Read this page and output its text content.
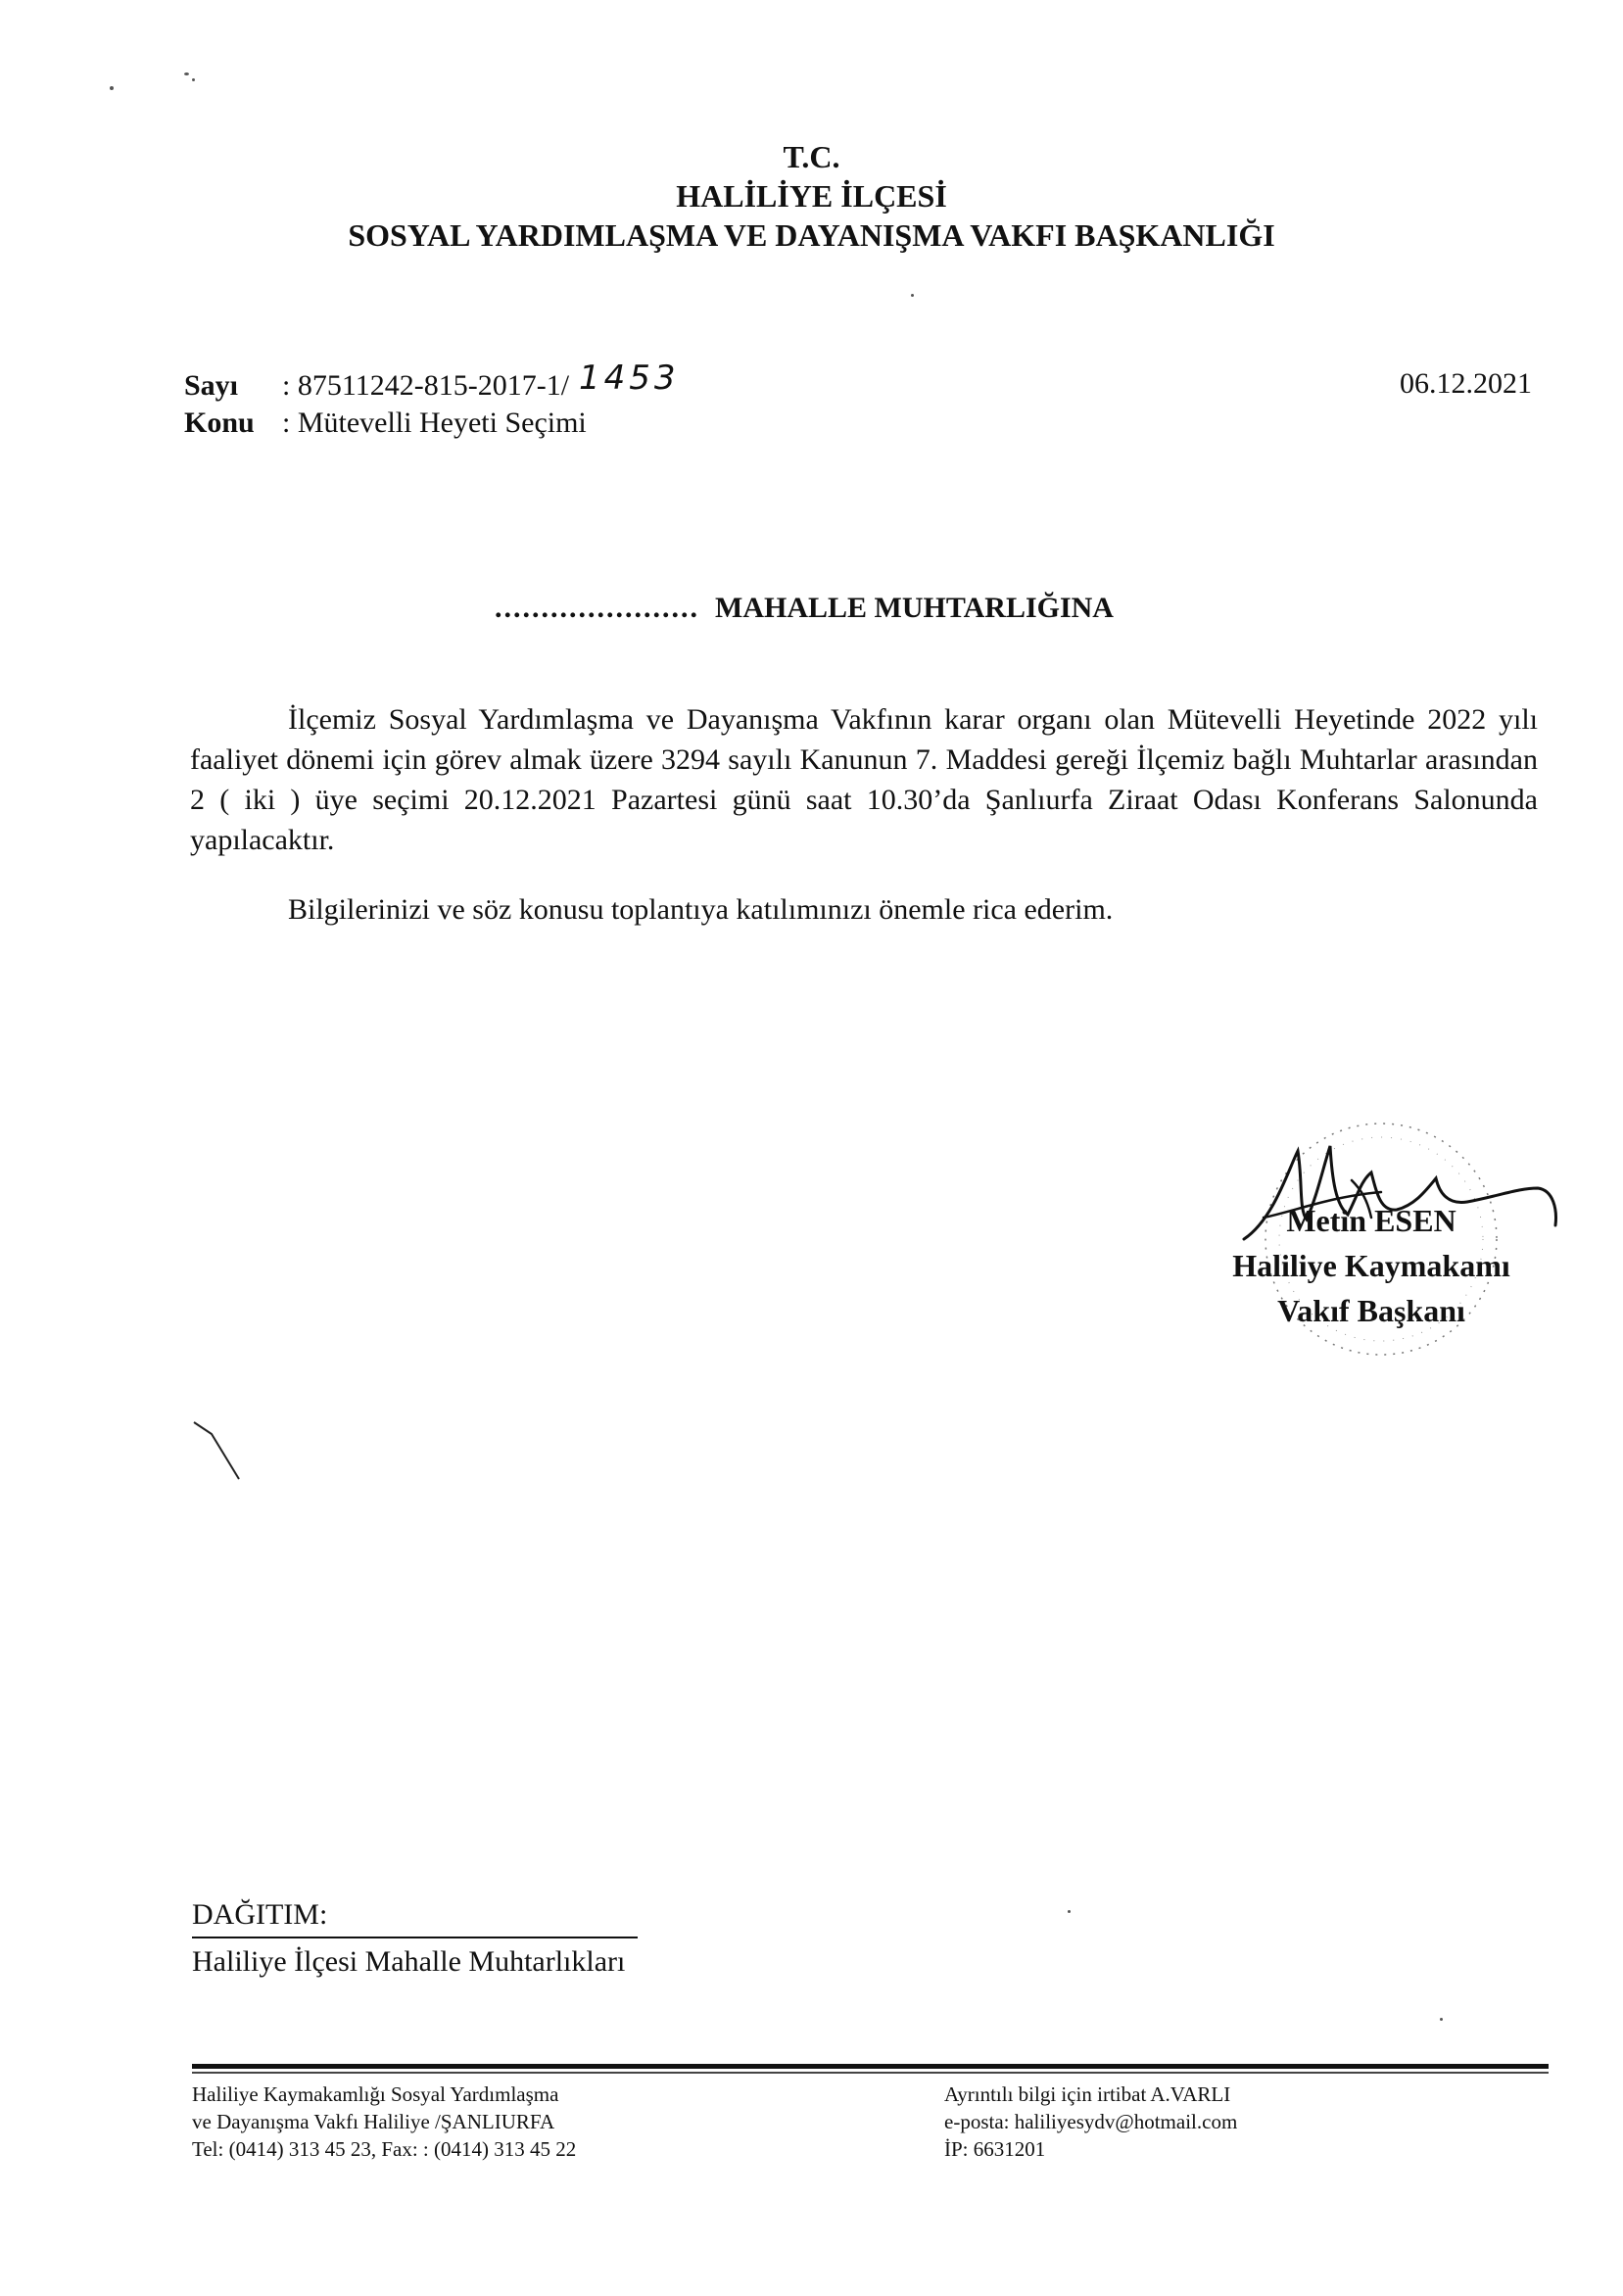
T.C.
HALİLİYE İLÇESİ
SOSYAL YARDIMLAŞMA VE DAYANIŞMA VAKFI BAŞKANLIĞI
Sayı : 87511242-815-2017-1/ 1453
Konu : Mütevelli Heyeti Seçimi
06.12.2021
...................... MAHALLE MUHTARLIĞINA
İlçemiz Sosyal Yardımlaşma ve Dayanışma Vakfının karar organı olan Mütevelli Heyetinde 2022 yılı faaliyet dönemi için görev almak üzere 3294 sayılı Kanunun 7. Maddesi gereği İlçemiz bağlı Muhtarlar arasından 2 ( iki ) üye seçimi 20.12.2021 Pazartesi günü saat 10.30’da Şanlıurfa Ziraat Odası Konferans Salonunda yapılacaktır.
Bilgilerinizi ve söz konusu toplantıya katılımınızı önemle rica ederim.
Metin ESEN
Haliliye Kaymakamı
Vakıf Başkanı
DAĞITIM:
Haliliye İlçesi Mahalle Muhtarlıkları
Haliliye Kaymakamlığı Sosyal Yardımlaşma
ve Dayanışma Vakfı Haliliye /ŞANLIURFA
Tel: (0414) 313 45 23, Fax: : (0414) 313 45 22
Ayrıntılı bilgi için irtibat A.VARLI
e-posta: haliliyesydv@hotmail.com
İP: 6631201
